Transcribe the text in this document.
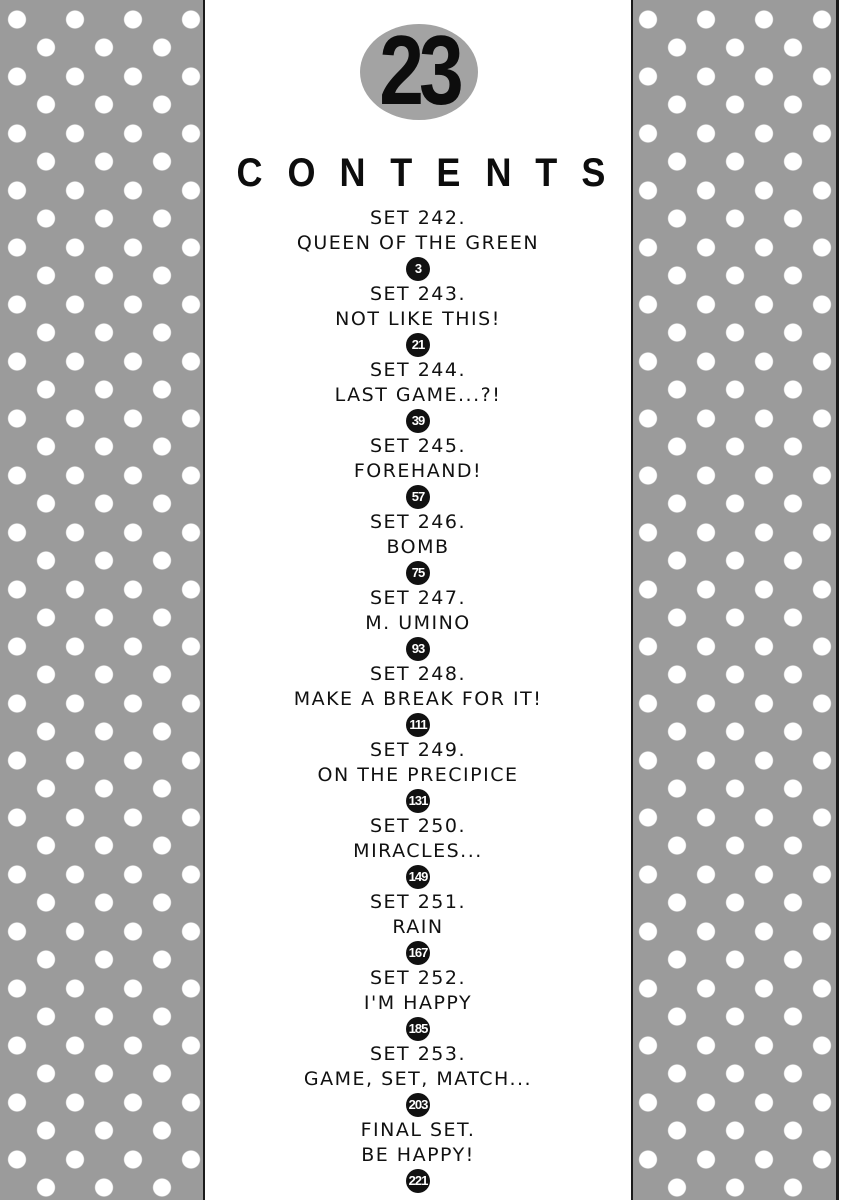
23
C O N T E N T S
SET 242.
QUEEN OF THE GREEN
3
SET 243.
NOT LIKE THIS!
21
SET 244.
LAST GAME...?!
39
SET 245.
FOREHAND!
57
SET 246.
BOMB
75
SET 247.
M. UMINO
93
SET 248.
MAKE A BREAK FOR IT!
111
SET 249.
ON THE PRECIPICE
131
SET 250.
MIRACLES...
149
SET 251.
RAIN
167
SET 252.
I'M HAPPY
185
SET 253.
GAME, SET, MATCH...
203
FINAL SET.
BE HAPPY!
221
